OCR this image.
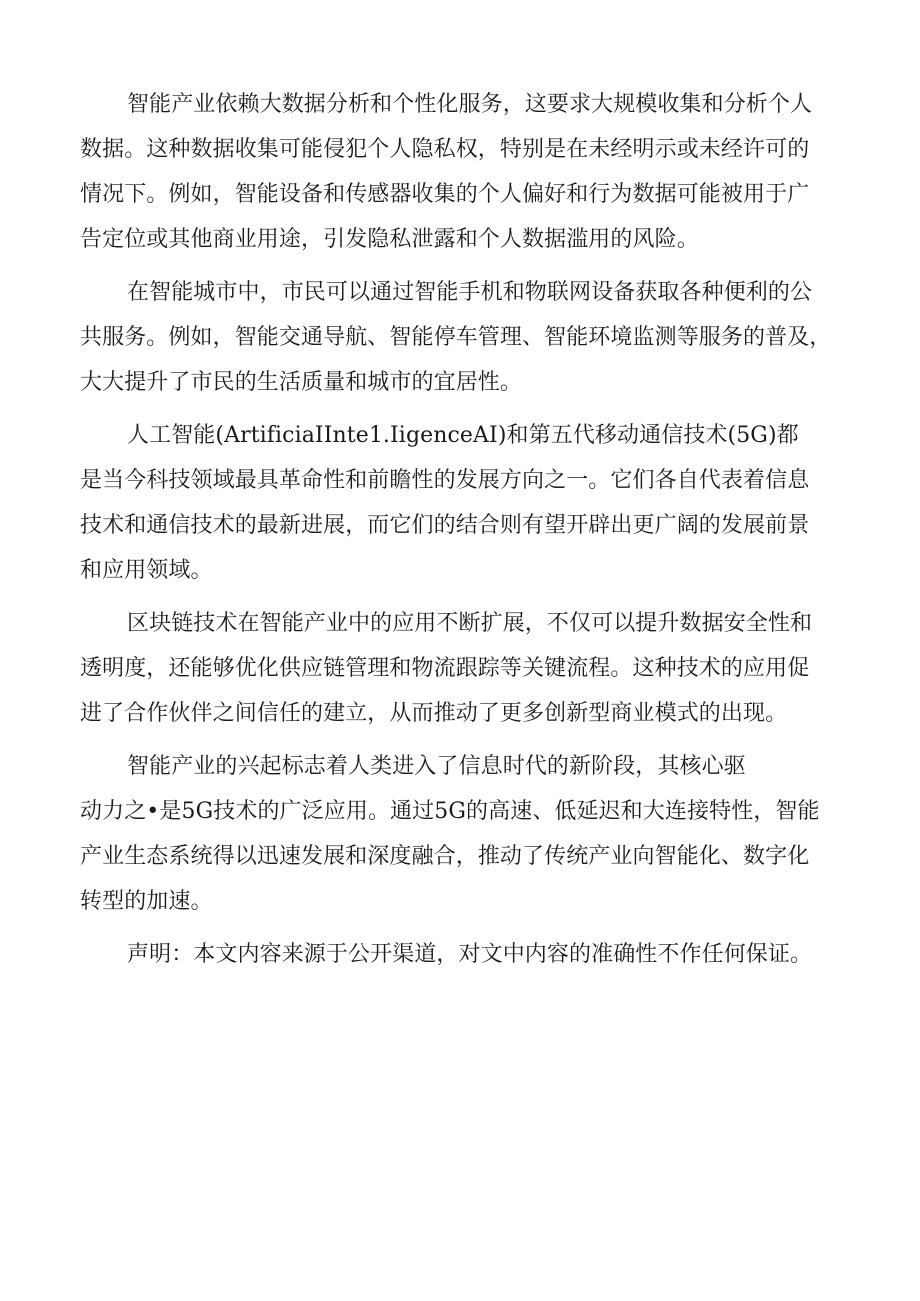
智能产业依赖大数据分析和个性化服务，这要求大规模收集和分析个人
数据。这种数据收集可能侵犯个人隐私权，特别是在未经明示或未经许可的
情况下。例如，智能设备和传感器收集的个人偏好和行为数据可能被用于广
告定位或其他商业用途，引发隐私泄露和个人数据滥用的风险。

在智能城市中，市民可以通过智能手机和物联网设备获取各种便利的公
共服务。例如，智能交通导航、智能停车管理、智能环境监测等服务的普及，
大大提升了市民的生活质量和城市的宜居性。

人工智能(ArtificiaIInte1.IigenceAI)和第五代移动通信技术(5G)都
是当今科技领域最具革命性和前瞻性的发展方向之一。它们各自代表着信息
技术和通信技术的最新进展，而它们的结合则有望开辟出更广阔的发展前景
和应用领域。

区块链技术在智能产业中的应用不断扩展，不仅可以提升数据安全性和
透明度，还能够优化供应链管理和物流跟踪等关键流程。这种技术的应用促
进了合作伙伴之间信任的建立，从而推动了更多创新型商业模式的出现。

智能产业的兴起标志着人类进入了信息时代的新阶段，其核心驱
动力之•是5G技术的广泛应用。通过5G的高速、低延迟和大连接特性，智能
产业生态系统得以迅速发展和深度融合，推动了传统产业向智能化、数字化
转型的加速。

声明：本文内容来源于公开渠道，对文中内容的准确性不作任何保证。
